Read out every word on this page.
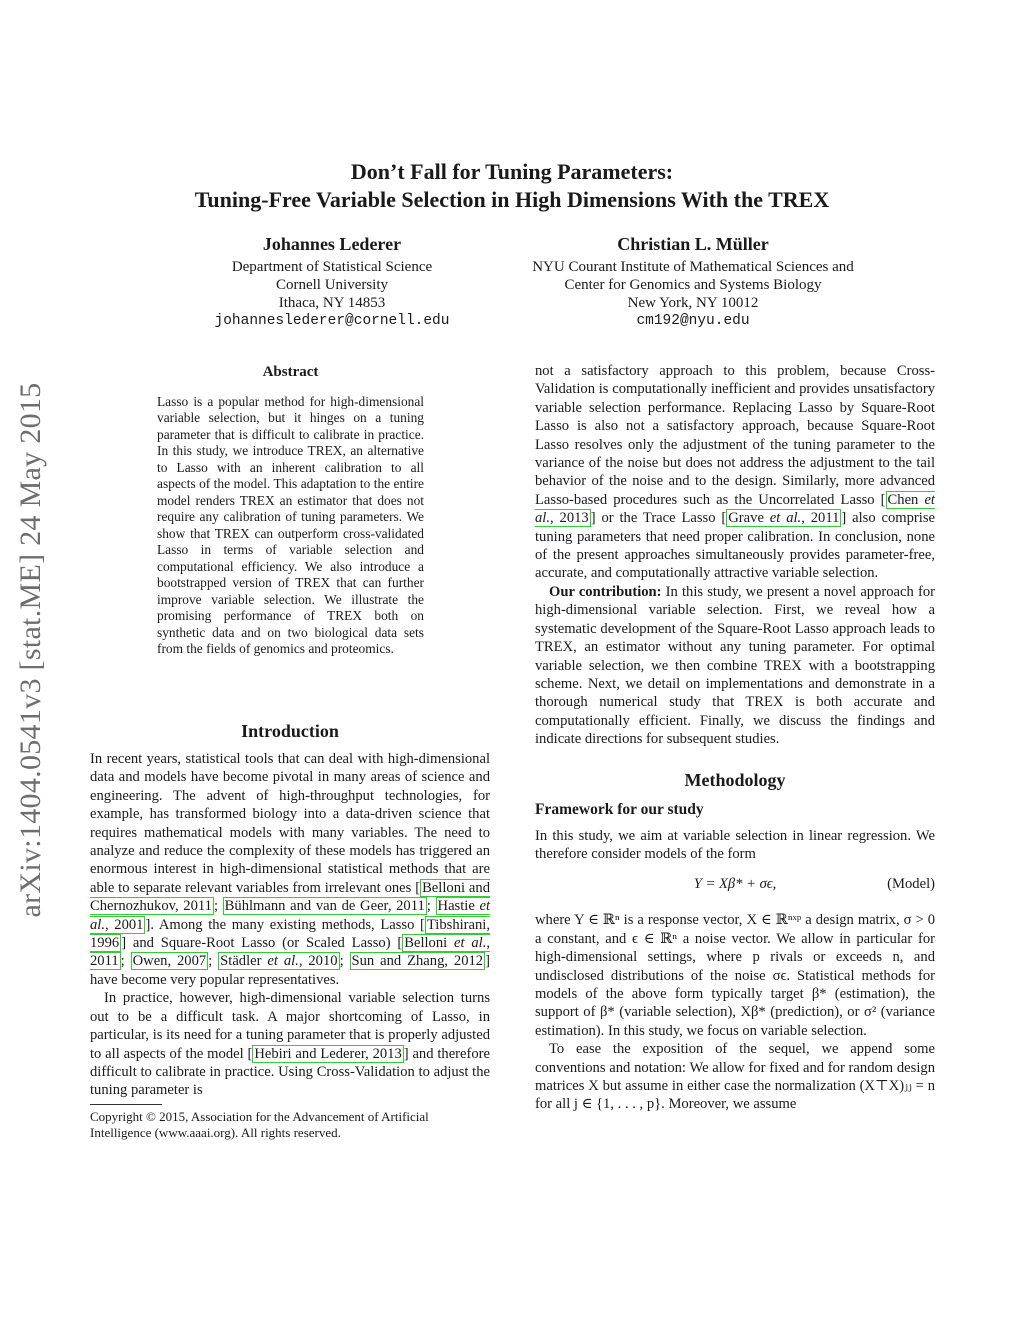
arXiv:1404.0541v3 [stat.ME] 24 May 2015
Don’t Fall for Tuning Parameters:
Tuning-Free Variable Selection in High Dimensions With the TREX
Johannes Lederer
Department of Statistical Science
Cornell University
Ithaca, NY 14853
johanneslederer@cornell.edu
Christian L. Müller
NYU Courant Institute of Mathematical Sciences and
Center for Genomics and Systems Biology
New York, NY 10012
cm192@nyu.edu
Abstract

Lasso is a popular method for high-dimensional variable selection, but it hinges on a tuning parameter that is difficult to calibrate in practice. In this study, we introduce TREX, an alternative to Lasso with an inherent calibration to all aspects of the model. This adaptation to the entire model renders TREX an estimator that does not require any calibration of tuning parameters. We show that TREX can outperform cross-validated Lasso in terms of variable selection and computational efficiency. We also introduce a bootstrapped version of TREX that can further improve variable selection. We illustrate the promising performance of TREX both on synthetic data and on two biological data sets from the fields of genomics and proteomics.

Introduction

In recent years, statistical tools that can deal with high-dimensional data and models have become pivotal in many areas of science and engineering. The advent of high-throughput technologies, for example, has transformed biology into a data-driven science that requires mathematical models with many variables. The need to analyze and reduce the complexity of these models has triggered an enormous interest in high-dimensional statistical methods that are able to separate relevant variables from irrelevant ones [ Belloni and Chernozhukov, 2011 ; Bühlmann and van de Geer, 2011 ; Hastie et al., 2001 ]. Among the many existing methods, Lasso [ Tibshirani, 1996 ] and Square-Root Lasso (or Scaled Lasso) [ Belloni et al., 2011 ; Owen, 2007 ; Städler et al., 2010 ; Sun and Zhang, 2012 ] have become very popular representatives.

In practice, however, high-dimensional variable selection turns out to be a difficult task. A major shortcoming of Lasso, in particular, is its need for a tuning parameter that is properly adjusted to all aspects of the model [ Hebiri and Lederer, 2013 ] and therefore difficult to calibrate in practice. Using Cross-Validation to adjust the tuning parameter is

Copyright © 2015, Association for the Advancement of Artificial Intelligence (www.aaai.org). All rights reserved.

not a satisfactory approach to this problem, because Cross-Validation is computationally inefficient and provides unsatisfactory variable selection performance. Replacing Lasso by Square-Root Lasso is also not a satisfactory approach, because Square-Root Lasso resolves only the adjustment of the tuning parameter to the variance of the noise but does not address the adjustment to the tail behavior of the noise and to the design. Similarly, more advanced Lasso-based procedures such as the Uncorrelated Lasso [ Chen et al., 2013 ] or the Trace Lasso [ Grave et al., 2011 ] also comprise tuning parameters that need proper calibration. In conclusion, none of the present approaches simultaneously provides parameter-free, accurate, and computationally attractive variable selection.

Our contribution: In this study, we present a novel approach for high-dimensional variable selection. First, we reveal how a systematic development of the Square-Root Lasso approach leads to TREX, an estimator without any tuning parameter. For optimal variable selection, we then combine TREX with a bootstrapping scheme. Next, we detail on implementations and demonstrate in a thorough numerical study that TREX is both accurate and computationally efficient. Finally, we discuss the findings and indicate directions for subsequent studies.

Methodology
Framework for our study

In this study, we aim at variable selection in linear regression. We therefore consider models of the form

Y = Xβ* + σϵ,	(Model)

where Y ∈ ℝⁿ is a response vector, X ∈ ℝⁿˣᵖ a design matrix, σ > 0 a constant, and ϵ ∈ ℝⁿ a noise vector. We allow in particular for high-dimensional settings, where p rivals or exceeds n, and undisclosed distributions of the noise σϵ. Statistical methods for models of the above form typically target β* (estimation), the support of β* (variable selection), Xβ* (prediction), or σ² (variance estimation). In this study, we focus on variable selection.

To ease the exposition of the sequel, we append some conventions and notation: We allow for fixed and for random design matrices X but assume in either case the normalization (X⊤X)ⱼⱼ = n for all j ∈ {1, . . . , p}. Moreover, we assume
